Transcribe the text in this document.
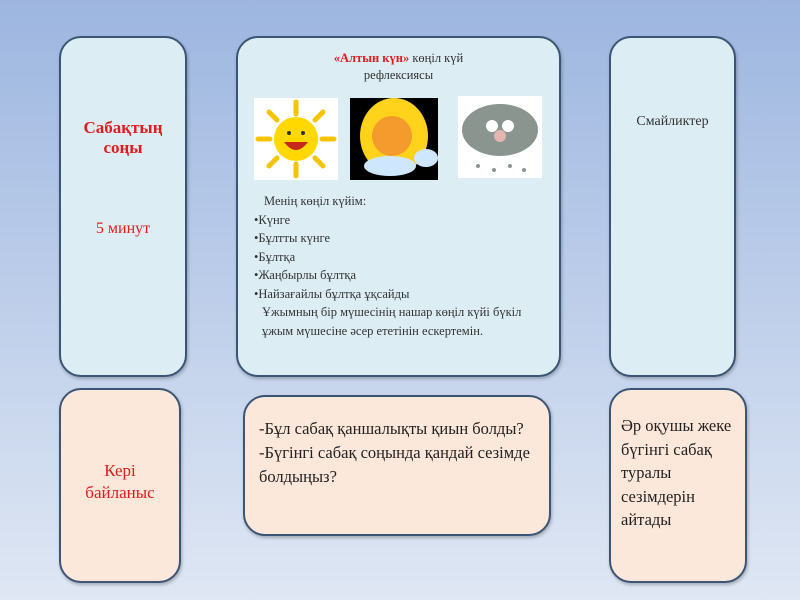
Сабақтың соңы
5 минут
Кері байланыс
«Алтын күн» көңіл күй
рефлексиясы
Менің көңіл күйім:
•Күнге
•Бұлтты күнге
•Бұлтқа
•Жаңбырлы бұлтқа
•Найзағайлы бұлтқа ұқсайды
Ұжымның бір мүшесінің нашар көңіл күйі бүкіл
ұжым мүшесіне әсер ететінін ескертемін.
-Бұл сабақ қаншалықты қиын болды?
-Бүгінгі сабақ соңында қандай сезімде болдыңыз?
Смайликтер
Әр оқушы жеке бүгінгі сабақ туралы сезімдерін айтады
